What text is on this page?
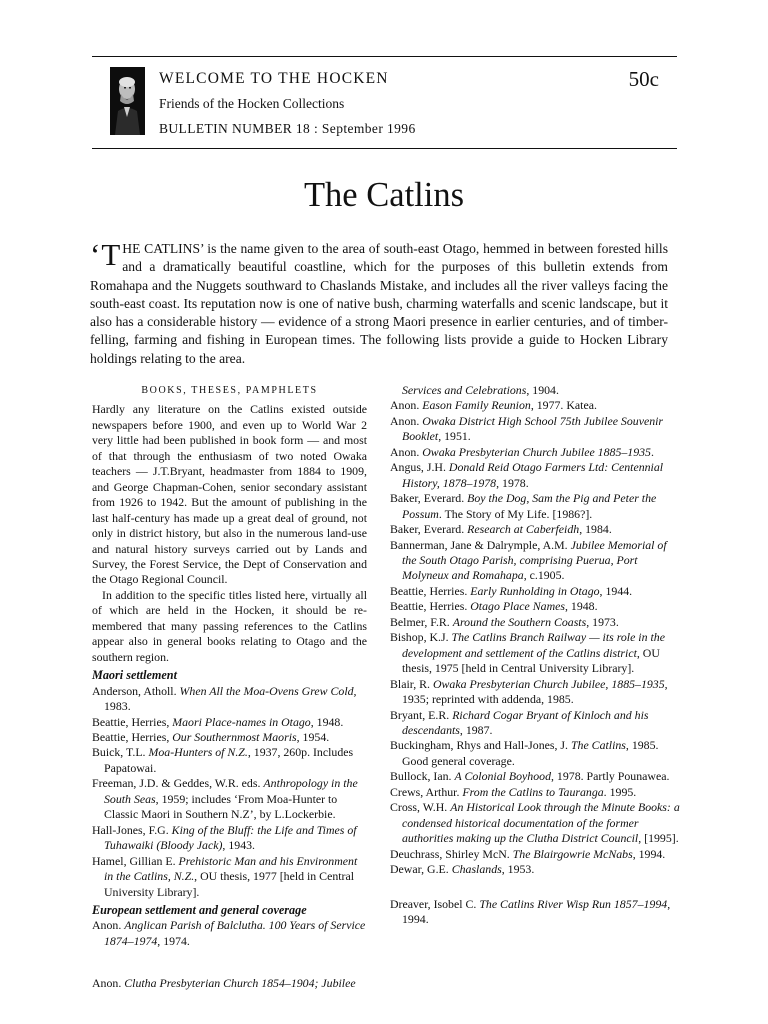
WELCOME TO THE HOCKEN
Friends of the Hocken Collections
BULLETIN NUMBER 18 : September 1996
50c
The Catlins
‘ T HE CATLINS’ is the name given to the area of south-east Otago, hemmed in between forested hills and a dramatically beautiful coastline, which for the purposes of this bulletin extends from Romahapa and the Nuggets southward to Chaslands Mistake, and includes all the river valleys facing the south-east coast. Its reputation now is one of native bush, charming waterfalls and scenic landscape, but it also has a considerable history — evidence of a strong Maori presence in earlier centuries, and of timber-felling, farming and fishing in European times. The following lists provide a guide to Hocken Library holdings relating to the area.

BOOKS, THESES, PAMPHLETS

Hardly any literature on the Catlins existed outside newspapers before 1900, and even up to World War 2 very little had been published in book form — and most of that through the enthusiasm of two noted Owaka teachers — J.T.Bryant, headmaster from 1884 to 1909, and George Chapman-Cohen, senior secondary assistant from 1926 to 1942. But the amount of publishing in the last half-century has made up a great deal of ground, not only in district history, but also in the numerous land-use and natural history surveys carried out by Lands and Survey, the Forest Service, the Dept of Conservation and the Otago Regional Council.

In addition to the specific titles listed here, virtually all of which are held in the Hocken, it should be re-membered that many passing references to the Catlins appear also in general books relating to Otago and the southern region.

Maori settlement

Anderson, Atholl. When All the Moa-Ovens Grew Cold, 1983.

Beattie, Herries, Maori Place-names in Otago, 1948.

Beattie, Herries, Our Southernmost Maoris, 1954.

Buick, T.L. Moa-Hunters of N.Z., 1937, 260p. Includes Papatowai.

Freeman, J.D. & Geddes, W.R. eds. Anthropology in the South Seas, 1959; includes ‘From Moa-Hunter to Classic Maori in Southern N.Z’, by L.Lockerbie.

Hall-Jones, F.G. King of the Bluff: the Life and Times of Tuhawaiki (Bloody Jack), 1943.

Hamel, Gillian E. Prehistoric Man and his Environment in the Catlins, N.Z., OU thesis, 1977 [held in Central University Library].

European settlement and general coverage

Anon. Anglican Parish of Balclutha. 100 Years of Service 1874–1974, 1974.

Anon. Clutha Presbyterian Church 1854–1904; Jubilee

Services and Celebrations, 1904.

Anon. Eason Family Reunion, 1977. Katea.

Anon. Owaka District High School 75th Jubilee Souvenir Booklet, 1951.

Anon. Owaka Presbyterian Church Jubilee 1885–1935.

Angus, J.H. Donald Reid Otago Farmers Ltd: Centennial History, 1878–1978, 1978.

Baker, Everard. Boy the Dog, Sam the Pig and Peter the Possum. The Story of My Life. [1986?].

Baker, Everard. Research at Caberfeidh, 1984.

Bannerman, Jane & Dalrymple, A.M. Jubilee Memorial of the South Otago Parish, comprising Puerua, Port Molyneux and Romahapa, c.1905.

Beattie, Herries. Early Runholding in Otago, 1944.

Beattie, Herries. Otago Place Names, 1948.

Belmer, F.R. Around the Southern Coasts, 1973.

Bishop, K.J. The Catlins Branch Railway — its role in the development and settlement of the Catlins district, OU thesis, 1975 [held in Central University Library].

Blair, R. Owaka Presbyterian Church Jubilee, 1885–1935, 1935; reprinted with addenda, 1985.

Bryant, E.R. Richard Cogar Bryant of Kinloch and his descendants, 1987.

Buckingham, Rhys and Hall-Jones, J. The Catlins, 1985. Good general coverage.

Bullock, Ian. A Colonial Boyhood, 1978. Partly Pounawea.

Crews, Arthur. From the Catlins to Tauranga. 1995.

Cross, W.H. An Historical Look through the Minute Books: a condensed historical documentation of the former authorities making up the Clutha District Council, [1995].

Deuchrass, Shirley McN. The Blairgowrie McNabs, 1994.

Dewar, G.E. Chaslands, 1953.

Dreaver, Isobel C. The Catlins River Wisp Run 1857–1994, 1994.
